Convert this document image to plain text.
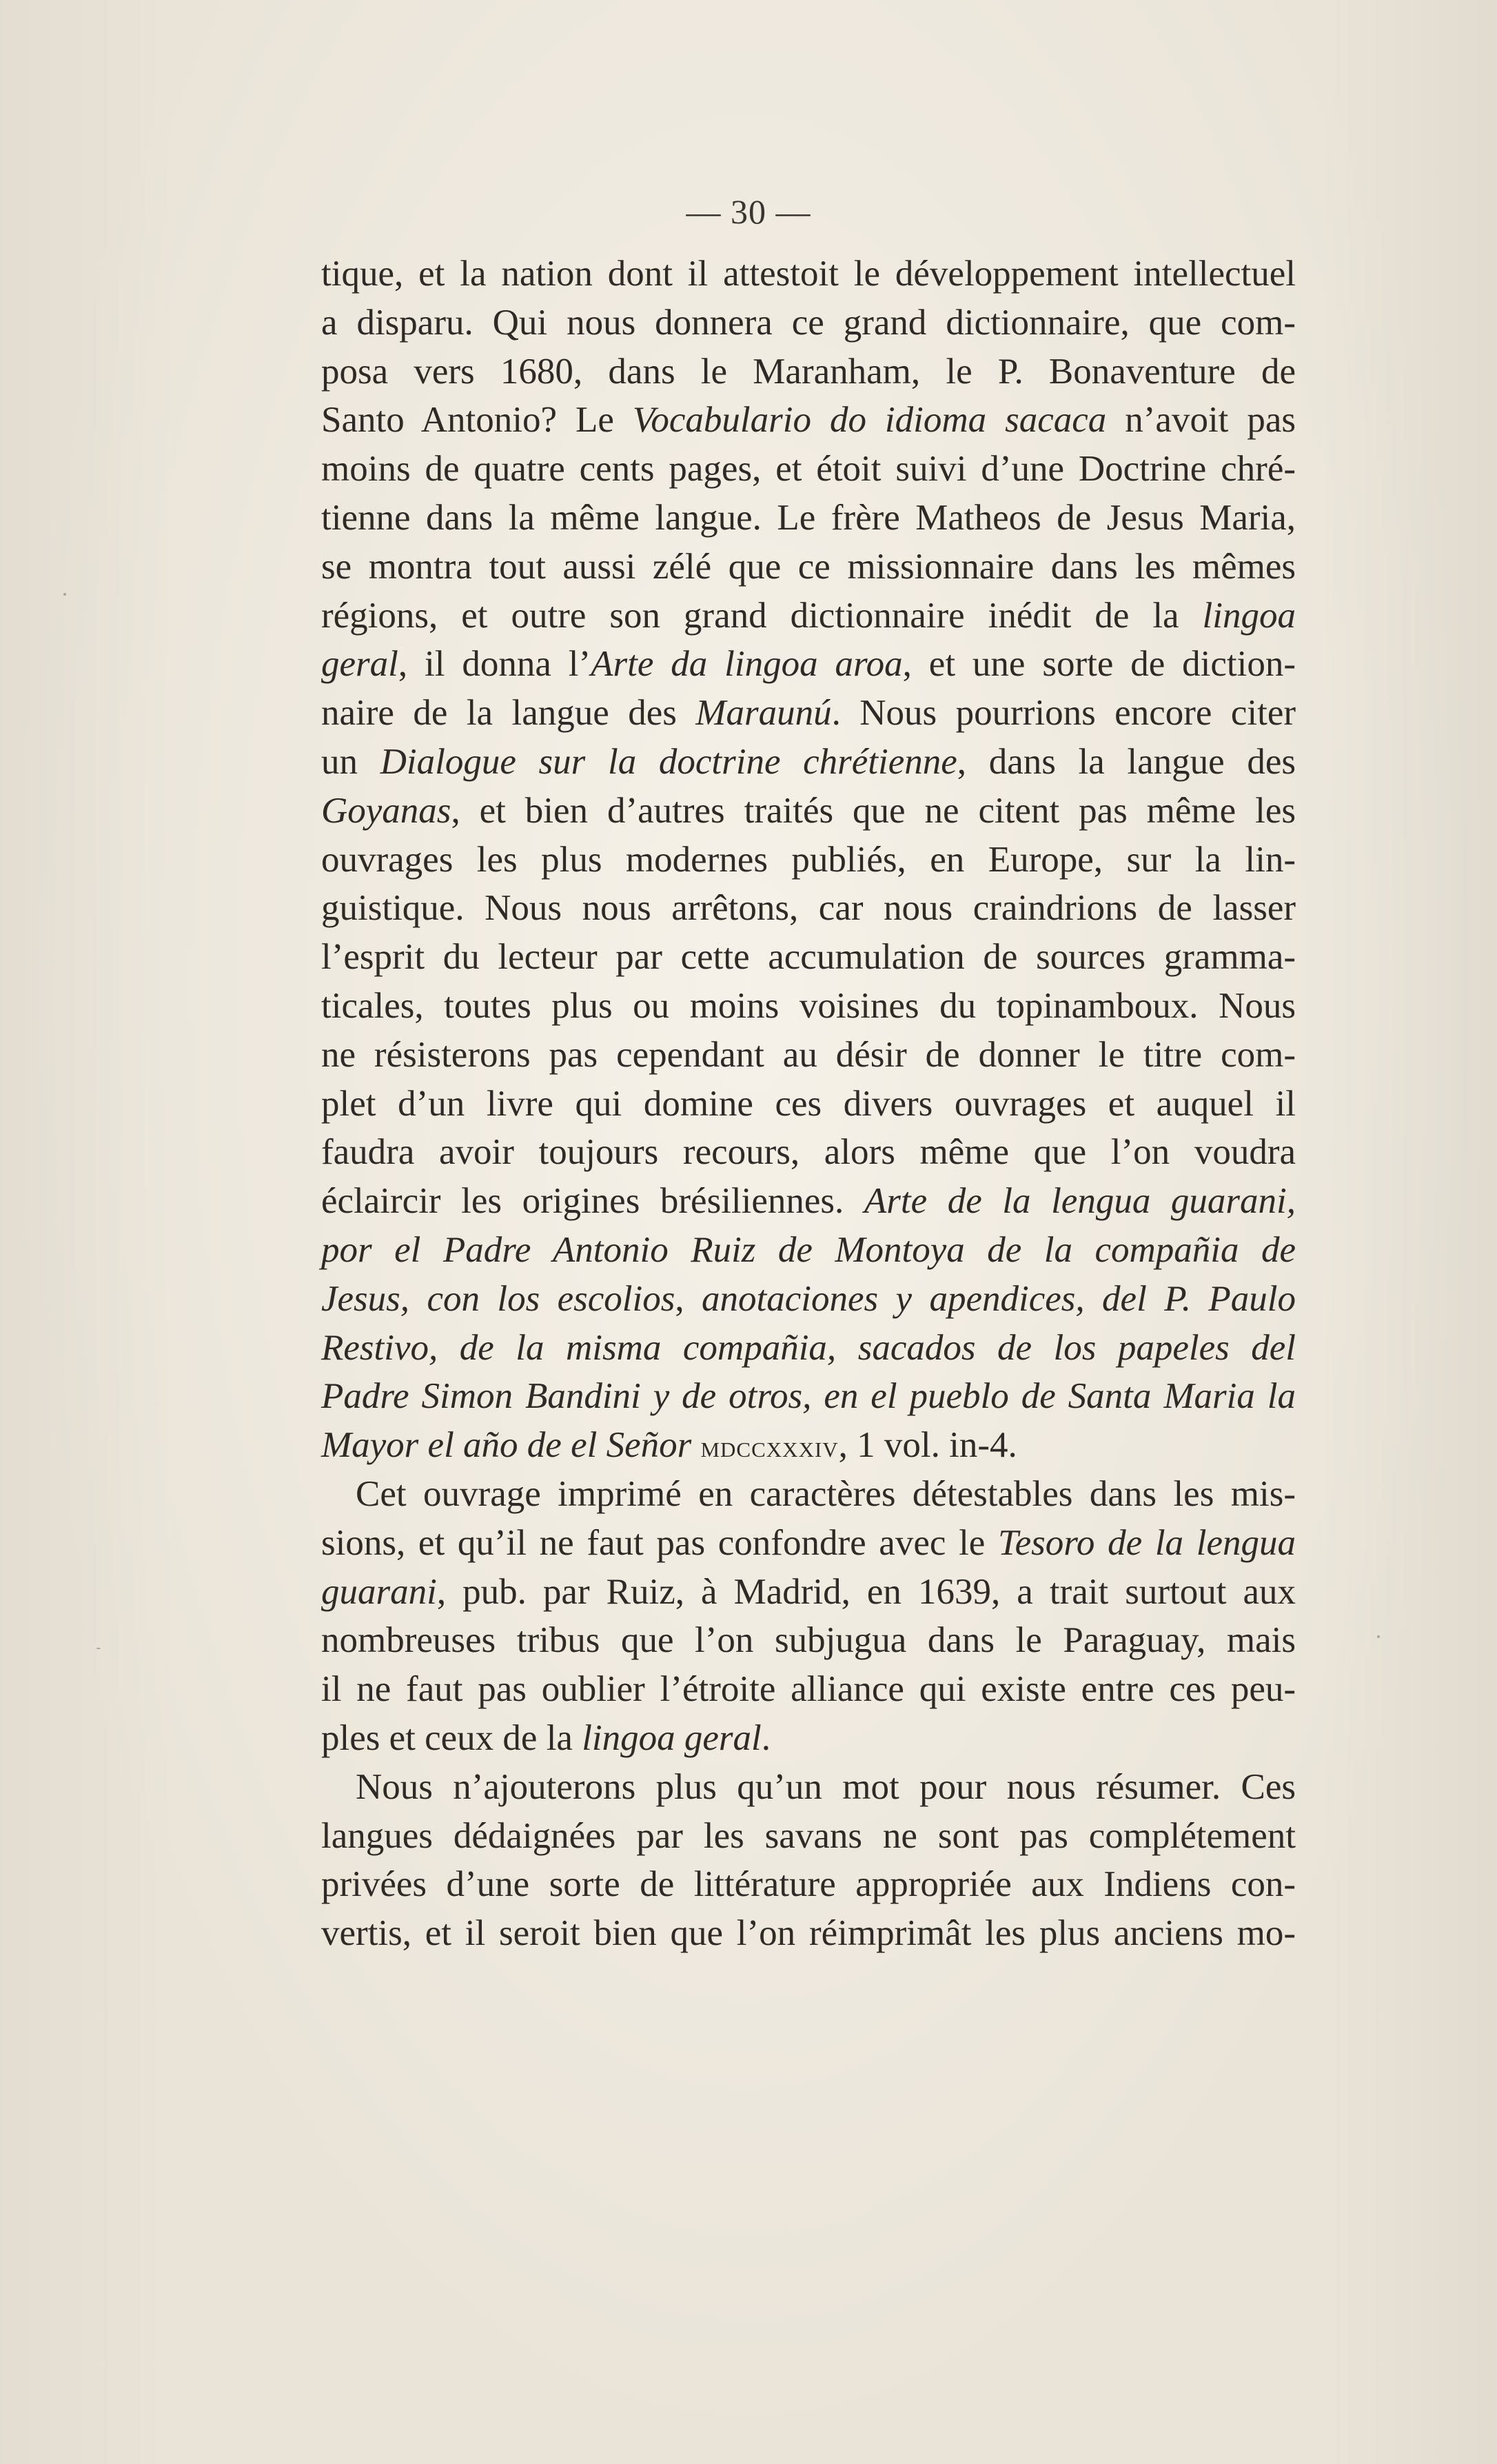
— 30 —
tique, et la nation dont il attestoit le développement intellectuel
a disparu. Qui nous donnera ce grand dictionnaire, que com-
posa vers 1680, dans le Maranham, le P. Bonaventure de
Santo Antonio? Le Vocabulario do idioma sacaca n’avoit pas
moins de quatre cents pages, et étoit suivi d’une Doctrine chré-
tienne dans la même langue. Le frère Matheos de Jesus Maria,
se montra tout aussi zélé que ce missionnaire dans les mêmes
régions, et outre son grand dictionnaire inédit de la lingoa
geral, il donna l’Arte da lingoa aroa, et une sorte de diction-
naire de la langue des Maraunú. Nous pourrions encore citer
un Dialogue sur la doctrine chrétienne, dans la langue des
Goyanas, et bien d’autres traités que ne citent pas même les
ouvrages les plus modernes publiés, en Europe, sur la lin-
guistique. Nous nous arrêtons, car nous craindrions de lasser
l’esprit du lecteur par cette accumulation de sources gramma-
ticales, toutes plus ou moins voisines du topinamboux. Nous
ne résisterons pas cependant au désir de donner le titre com-
plet d’un livre qui domine ces divers ouvrages et auquel il
faudra avoir toujours recours, alors même que l’on voudra
éclaircir les origines brésiliennes. Arte de la lengua guarani,
por el Padre Antonio Ruiz de Montoya de la compañia de
Jesus, con los escolios, anotaciones y apendices, del P. Paulo
Restivo, de la misma compañia, sacados de los papeles del
Padre Simon Bandini y de otros, en el pueblo de Santa Maria la
Mayor el año de el Señor mdccxxxiv, 1 vol. in-4.
Cet ouvrage imprimé en caractères détestables dans les mis-
sions, et qu’il ne faut pas confondre avec le Tesoro de la lengua
guarani, pub. par Ruiz, à Madrid, en 1639, a trait surtout aux
nombreuses tribus que l’on subjugua dans le Paraguay, mais
il ne faut pas oublier l’étroite alliance qui existe entre ces peu-
ples et ceux de la lingoa geral.
Nous n’ajouterons plus qu’un mot pour nous résumer. Ces
langues dédaignées par les savans ne sont pas complétement
privées d’une sorte de littérature appropriée aux Indiens con-
vertis, et il seroit bien que l’on réimprimât les plus anciens mo-
